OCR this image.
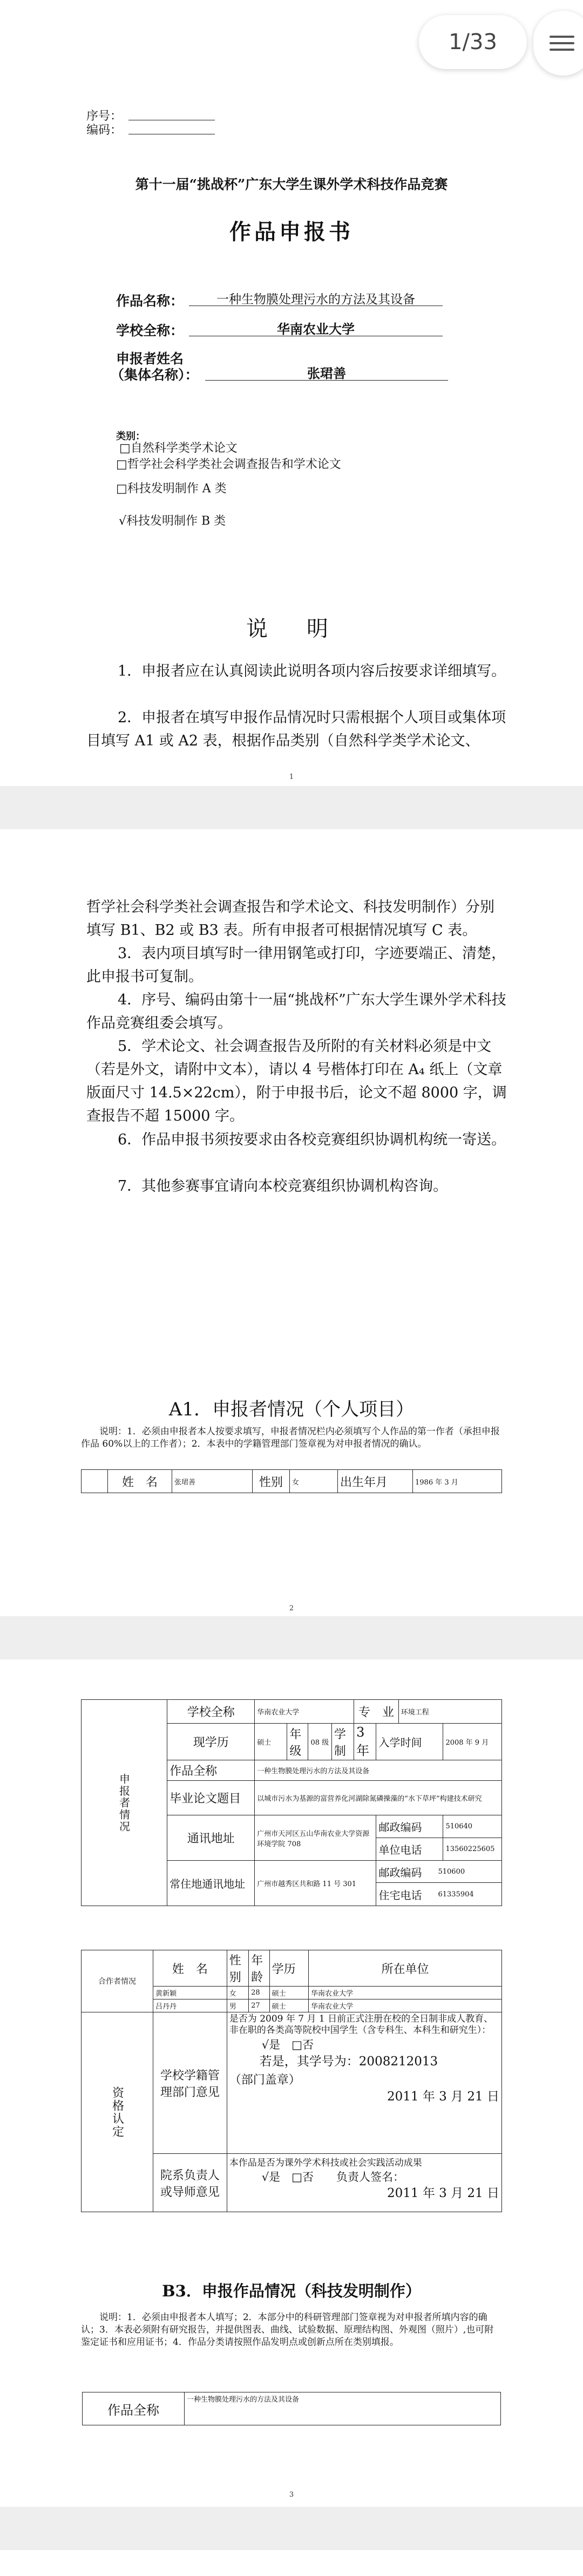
序号：
编码：
第十一届“挑战杯”广东大学生课外学术科技作品竞赛
作品申报书
作品名称：	一种生物膜处理污水的方法及其设备
学校全称：	华南农业大学
申报者姓名
（集体名称）：	张珺善
类别：
□自然科学类学术论文
□哲学社会科学类社会调查报告和学术论文
□科技发明制作 A 类
√科技发明制作 B 类
说　明
1．申报者应在认真阅读此说明各项内容后按要求详细填写。
2．申报者在填写申报作品情况时只需根据个人项目或集体项目填写 A1 或 A2 表，根据作品类别（自然科学类学术论文、
1
哲学社会科学类社会调查报告和学术论文、科技发明制作）分别填写 B1、B2 或 B3 表。所有申报者可根据情况填写 C 表。
3．表内项目填写时一律用钢笔或打印，字迹要端正、清楚，此申报书可复制。
4．序号、编码由第十一届“挑战杯”广东大学生课外学术科技作品竞赛组委会填写。
5．学术论文、社会调查报告及所附的有关材料必须是中文（若是外文，请附中文本），请以 4 号楷体打印在 A₄ 纸上（文章版面尺寸 14.5×22cm），附于申报书后，论文不超 8000 字，调查报告不超 15000 字。
6．作品申报书须按要求由各校竞赛组织协调机构统一寄送。
7．其他参赛事宜请向本校竞赛组织协调机构咨询。
A1．申报者情况（个人项目）
说明：1．必须由申报者本人按要求填写，申报者情况栏内必须填写个人作品的第一作者（承担申报作品 60%以上的工作者）；2．本表中的学籍管理部门签章视为对申报者情况的确认。
	姓　名	张珺善	性别	女	出生年月	1986 年 3 月
2
申报者情况	学校全称	华南农业大学				专　业		环境工程	
	现学历	硕士	年级	08 级	学制	3 年	入学时间		2008 年 9 月
	作品全称	一种生物膜处理污水的方法及其设备							
	毕业论文题目	以城市污水为基源的富营养化河湖除氮磷操藻的“水下草坪”构建技术研究							
	通讯地址	广州市天河区五山华南农业大学资源环境学院 708					邮政编码		510640
							单位电话		13560225605
	常住地通讯地址	广州市越秀区共和路 11 号 301					邮政编码 510600
住宅电话 61335904		
合作者情况	姓　名	性别	年龄	学历	所在单位
	黄新颖	女	28	硕士	华南农业大学
	吕丹丹	男	27	硕士	华南农业大学
资格认定	学校学籍管理部门意见	是否为 2009 年 7 月 1 日前正式注册在校的全日制非成人教育、非在职的各类高等院校中国学生（含专科生、本科生和研究生）：
√是　□否
若是，其学号为：2008212013
（部门盖章）
2011 年 3 月 21 日			

	院系负责人或导师意见	本作品是否为课外学术科技或社会实践活动成果
√是　□否　　负责人签名：
2011 年 3 月 21 日			
B3．申报作品情况（科技发明制作）
说明：1．必须由申报者本人填写；2．本部分中的科研管理部门签章视为对申报者所填内容的确认；3．本表必须附有研究报告，并提供图表、曲线、试验数据、原理结构图、外观图（照片）,也可附鉴定证书和应用证书；4．作品分类请按照作品发明点或创新点所在类别填报。
作品全称	一种生物膜处理污水的方法及其设备
3
1/33
